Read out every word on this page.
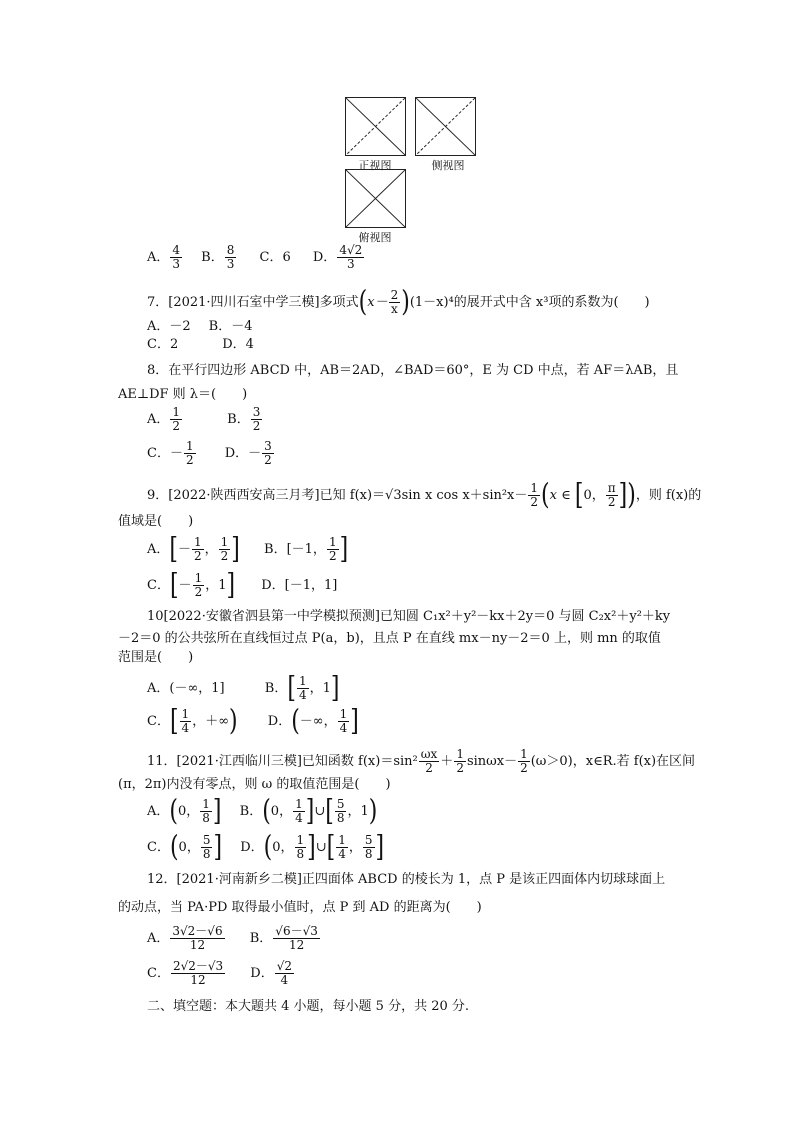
正视图	侧视图
俯视图
A． $\frac{4}{3}$ B． $\frac{8}{3}$ C．6 D． $\frac{4√2}{3}$
7．[2021·四川石室中学三模]多项式$(x- \frac{2}{x} )(1-x)^4$的展开式中含 x³项的系数为(　　)
A．－2 B．－4
C．2	D．4
8．在平行四边形 ABCD 中，AB＝2AD，∠BAD＝60°，E 为 CD 中点，若 AF＝λAB，且
AE⊥DF 则 λ＝(　　)
A． $\frac{1}{2}$	B． $\frac{3}{2}$
C．－ $\frac{1}{2}$ D．－ $\frac{3}{2}$
9．[2022·陕西西安高三月考]已知 f(x)＝√3sin x $\cos x+\sin^2x- \frac{1}{2} (x$ ∈ [0， $\frac{\pi}{2}$ ])，则 f(x)的
值域是(　　)
A．[－ $\frac{1}{2}$ ， $\frac{1}{2}$ ] B．[－1， $\frac{1}{2}$ ]
C．[－ $\frac{1}{2}$ ，1] D．[－1，1]
10[2022·安徽省泗县第一中学模拟预测]已知圆 C₁x²＋y²－kx＋2y＝0 与圆 C₂x²＋y²＋ky
－2＝0 的公共弦所在直线恒过点 P(a，b)，且点 P 在直线 mx－ny－2＝0 上，则 mn 的取值
范围是(　　)
A．(－∞，1]	B．[ $\frac{1}{4}$ ，1]
C．[ $\frac{1}{4}$ ，＋∞) D．(－∞， $\frac{1}{4}$ ]
11．[2021·江西临川三模]已知函数 $f(x)=\sin^2 \frac{\omega x}{2} + \frac{1}{2} \sin\omega x- \frac{1}{2} (\omega>0)$，x∈R.若 f(x)在区间
(π，2π)内没有零点，则 ω 的取值范围是(　　)
A．(0， $\frac{1}{8}$ ] B．(0， $\frac{1}{4}$ ]∪[ $\frac{5}{8}$ ，1)
C．(0， $\frac{5}{8}$ ] D．(0， $\frac{1}{8}$ ]∪[ $\frac{1}{4}$ ， $\frac{5}{8}$ ]
12．[2021·河南新乡二模]正四面体 ABCD 的棱长为 1，点 P 是该正四面体内切球球面上
的动点，当 PA·PD 取得最小值时，点 P 到 AD 的距离为(　　)
A． $\frac{3√2-√6}{12}$ B． $\frac{√6-√3}{12}$
C． $\frac{2√2-√3}{12}$ D． $\frac{√2}{4}$
二、填空题：本大题共 4 小题，每小题 5 分，共 20 分.
